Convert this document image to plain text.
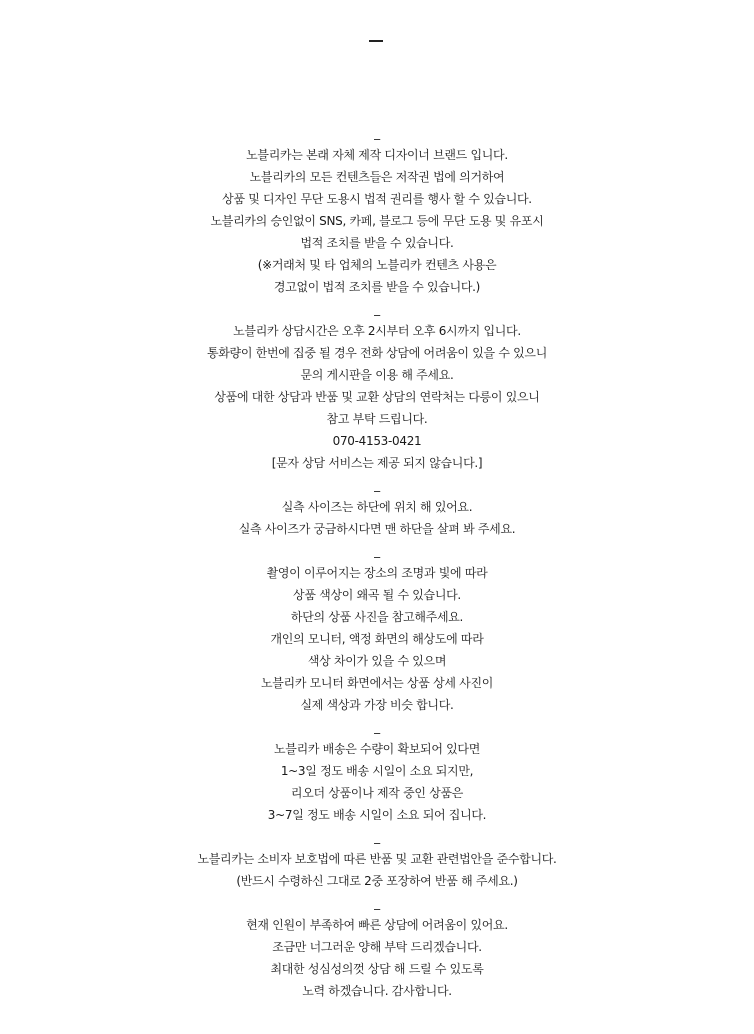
_
노블리카는 본래 자체 제작 디자이너 브랜드 입니다.
노블리카의 모든 컨텐츠들은 저작권 법에 의거하여
상품 및 디자인 무단 도용시 법적 권리를 행사 할 수 있습니다.
노블리카의 승인없이 SNS, 카페, 블로그 등에 무단 도용 및 유포시
법적 조치를 받을 수 있습니다.
(※거래처 및 타 업체의 노블리카 컨텐츠 사용은
경고없이 법적 조치를 받을 수 있습니다.)
_
노블리카 상담시간은 오후 2시부터 오후 6시까지 입니다.
통화량이 한번에 집중 될 경우 전화 상담에 어려움이 있을 수 있으니
문의 게시판을 이용 해 주세요.
상품에 대한 상담과 반품 및 교환 상담의 연락처는 다릉이 있으니
참고 부탁 드립니다.
070-4153-0421
[문자 상담 서비스는 제공 되지 않습니다.]
_
실측 사이즈는 하단에 위치 해 있어요.
실측 사이즈가 궁금하시다면 맨 하단을 살펴 봐 주세요.
_
촬영이 이루어지는 장소의 조명과 빛에 따라
상품 색상이 왜곡 될 수 있습니다.
하단의 상품 사진을 참고해주세요.
개인의 모니터, 액정 화면의 해상도에 따라
색상 차이가 있을 수 있으며
노블리카 모니터 화면에서는 상품 상세 사진이
실제 색상과 가장 비슷 합니다.
_
노블리카 배송은 수량이 확보되어 있다면
1~3일 정도 배송 시일이 소요 되지만,
리오더 상품이나 제작 중인 상품은
3~7일 정도 배송 시일이 소요 되어 집니다.
_
노블리카는 소비자 보호법에 따른 반품 및 교환 관련법안을 준수합니다.
(반드시 수령하신 그대로 2중 포장하여 반품 해 주세요.)
_
현재 인원이 부족하여 빠른 상담에 어려움이 있어요.
조금만 너그러운 양해 부탁 드리겠습니다.
최대한 성심성의껏 상담 해 드릴 수 있도록
노력 하겠습니다. 감사합니다.
